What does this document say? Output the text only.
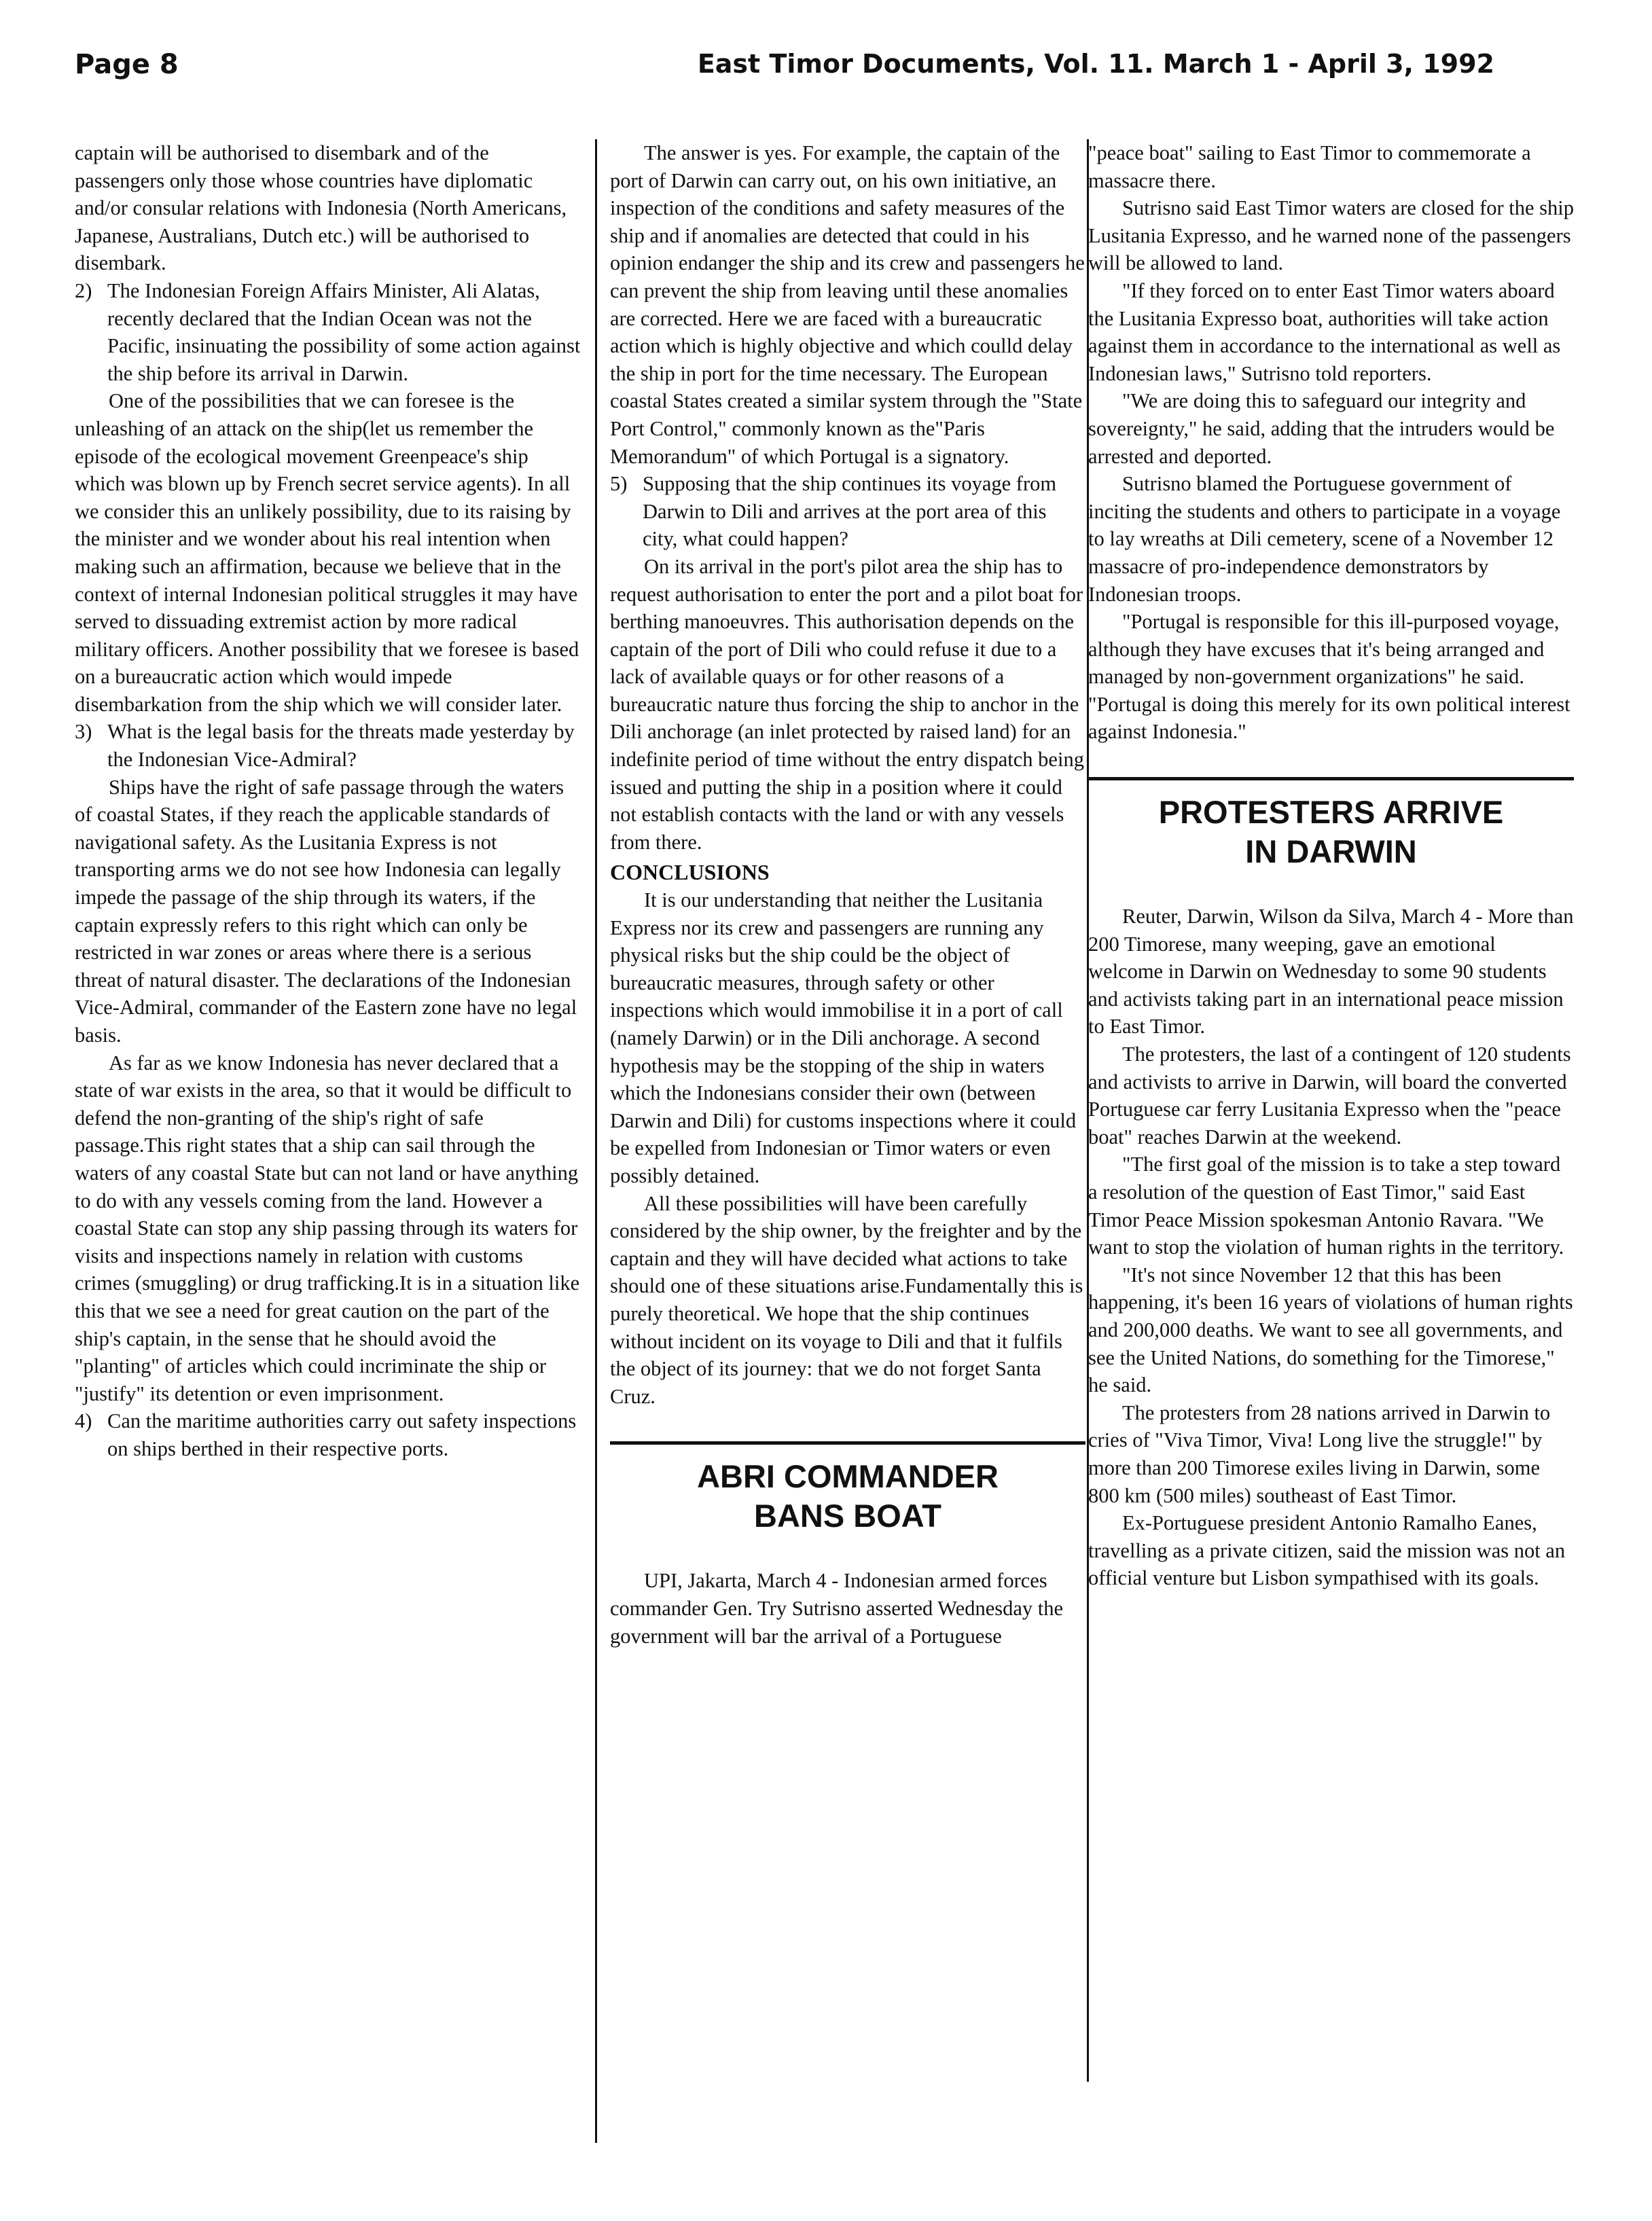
Page 8	East Timor Documents, Vol. 11. March 1 - April 3, 1992

captain will be authorised to disembark and of the passengers only those whose countries have diplomatic and/or consular relations with Indonesia (North Americans, Japanese, Australians, Dutch etc.) will be authorised to disembark.

2) The Indonesian Foreign Affairs Minister, Ali Alatas, recently declared that the Indian Ocean was not the Pacific, insinuating the possibility of some action against the ship before its arrival in Darwin.

One of the possibilities that we can foresee is the unleashing of an attack on the ship(let us remember the episode of the ecological movement Greenpeace's ship which was blown up by French secret service agents). In all we consider this an unlikely possibility, due to its raising by the minister and we wonder about his real intention when making such an affirmation, because we believe that in the context of internal Indonesian political struggles it may have served to dissuading extremist action by more radical military officers. Another possibility that we foresee is based on a bureaucratic action which would impede disembarkation from the ship which we will consider later.

3) What is the legal basis for the threats made yesterday by the Indonesian Vice-Admiral?

Ships have the right of safe passage through the waters of coastal States, if they reach the applicable standards of navigational safety. As the Lusitania Express is not transporting arms we do not see how Indonesia can legally impede the passage of the ship through its waters, if the captain expressly refers to this right which can only be restricted in war zones or areas where there is a serious threat of natural disaster. The declarations of the Indonesian Vice-Admiral, commander of the Eastern zone have no legal basis.

As far as we know Indonesia has never declared that a state of war exists in the area, so that it would be difficult to defend the non-granting of the ship's right of safe passage.This right states that a ship can sail through the waters of any coastal State but can not land or have anything to do with any vessels coming from the land. However a coastal State can stop any ship passing through its waters for visits and inspections namely in relation with customs crimes (smuggling) or drug trafficking.It is in a situation like this that we see a need for great caution on the part of the ship's captain, in the sense that he should avoid the "planting" of articles which could incriminate the ship or "justify" its detention or even imprisonment.

4) Can the maritime authorities carry out safety inspections on ships berthed in their respective ports.

The answer is yes. For example, the captain of the port of Darwin can carry out, on his own initiative, an inspection of the conditions and safety measures of the ship and if anomalies are detected that could in his opinion endanger the ship and its crew and passengers he can prevent the ship from leaving until these anomalies are corrected. Here we are faced with a bureaucratic action which is highly objective and which coulld delay the ship in port for the time necessary. The European coastal States created a similar system through the "State Port Control," commonly known as the"Paris Memorandum" of which Portugal is a signatory.

5) Supposing that the ship continues its voyage from Darwin to Dili and arrives at the port area of this city, what could happen?

On its arrival in the port's pilot area the ship has to request authorisation to enter the port and a pilot boat for berthing manoeuvres. This authorisation depends on the captain of the port of Dili who could refuse it due to a lack of available quays or for other reasons of a bureaucratic nature thus forcing the ship to anchor in the Dili anchorage (an inlet protected by raised land) for an indefinite period of time without the entry dispatch being issued and putting the ship in a position where it could not establish contacts with the land or with any vessels from there.

CONCLUSIONS

It is our understanding that neither the Lusitania Express nor its crew and passengers are running any physical risks but the ship could be the object of bureaucratic measures, through safety or other inspections which would immobilise it in a port of call (namely Darwin) or in the Dili anchorage. A second hypothesis may be the stopping of the ship in waters which the Indonesians consider their own (between Darwin and Dili) for customs inspections where it could be expelled from Indonesian or Timor waters or even possibly detained.

All these possibilities will have been carefully considered by the ship owner, by the freighter and by the captain and they will have decided what actions to take should one of these situations arise.Fundamentally this is purely theoretical. We hope that the ship continues without incident on its voyage to Dili and that it fulfils the object of its journey: that we do not forget Santa Cruz.

ABRI COMMANDER
BANS BOAT

UPI, Jakarta, March 4 - Indonesian armed forces commander Gen. Try Sutrisno asserted Wednesday the government will bar the arrival of a Portuguese

"peace boat" sailing to East Timor to commemorate a massacre there.

Sutrisno said East Timor waters are closed for the ship Lusitania Expresso, and he warned none of the passengers will be allowed to land.

"If they forced on to enter East Timor waters aboard the Lusitania Expresso boat, authorities will take action against them in accordance to the international as well as Indonesian laws," Sutrisno told reporters.

"We are doing this to safeguard our integrity and sovereignty," he said, adding that the intruders would be arrested and deported.

Sutrisno blamed the Portuguese government of inciting the students and others to participate in a voyage to lay wreaths at Dili cemetery, scene of a November 12 massacre of pro-independence demonstrators by Indonesian troops.

"Portugal is responsible for this ill-purposed voyage, although they have excuses that it's being arranged and managed by non-government organizations" he said. "Portugal is doing this merely for its own political interest against Indonesia."

PROTESTERS ARRIVE
IN DARWIN

Reuter, Darwin, Wilson da Silva, March 4 - More than 200 Timorese, many weeping, gave an emotional welcome in Darwin on Wednesday to some 90 students and activists taking part in an international peace mission to East Timor.

The protesters, the last of a contingent of 120 students and activists to arrive in Darwin, will board the converted Portuguese car ferry Lusitania Expresso when the "peace boat" reaches Darwin at the weekend.

"The first goal of the mission is to take a step toward a resolution of the question of East Timor," said East Timor Peace Mission spokesman Antonio Ravara. "We want to stop the violation of human rights in the territory.

"It's not since November 12 that this has been happening, it's been 16 years of violations of human rights and 200,000 deaths. We want to see all governments, and see the United Nations, do something for the Timorese," he said.

The protesters from 28 nations arrived in Darwin to cries of "Viva Timor, Viva! Long live the struggle!" by more than 200 Timorese exiles living in Darwin, some 800 km (500 miles) southeast of East Timor.

Ex-Portuguese president Antonio Ramalho Eanes, travelling as a private citizen, said the mission was not an official venture but Lisbon sympathised with its goals.
